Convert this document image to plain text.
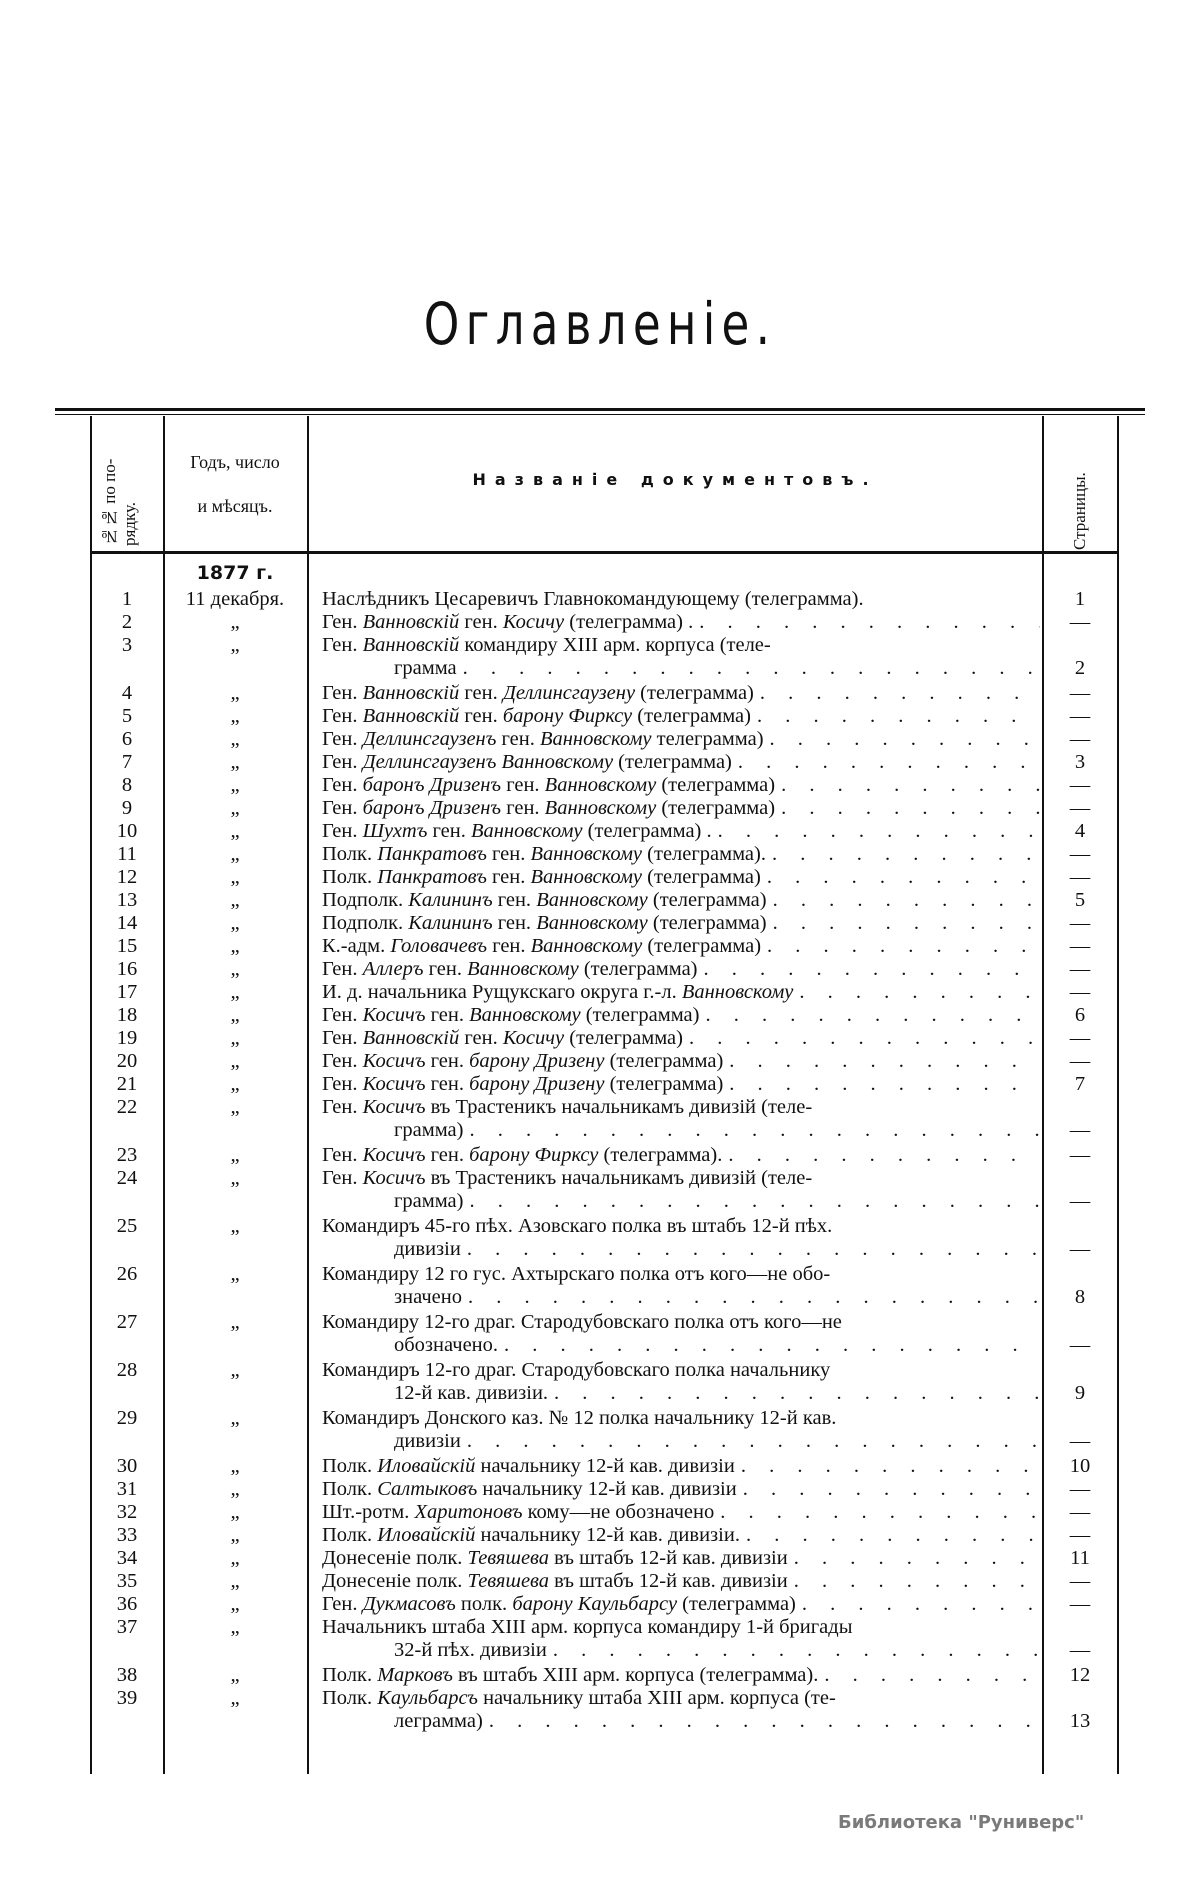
Оглавленіе.
№№ по по-
рядку.
Годъ, число
и мѣсяцъ.
Названіе документовъ.	Страницы.
1877 г.
1	11 декабря.	Наслѣдникъ Цесаревичъ Главнокомандующему (телеграмма).	1
2	„	Ген. Ванновскій ген. Косичу (телеграмма) . . . .	—
3	„	Ген. Ванновскій командиру XIII арм. корпуса (теле-
грамма . . .	2
4	„	Ген. Ванновскій ген. Деллинсгаузену (телеграмма) . . .	—
5	„	Ген. Ванновскій ген. барону Фирксу (телеграмма) . . .	—
6	„	Ген. Деллинсгаузенъ ген. Ванновскому телеграмма) . . .	—
7	„	Ген. Деллинсгаузенъ Ванновскому (телеграмма) . . .	3
8	„	Ген. баронъ Дризенъ ген. Ванновскому (телеграмма) . . .	—
9	„	Ген. баронъ Дризенъ ген. Ванновскому (телеграмма) . . .	—
10	„	Ген. Шухтъ ген. Ванновскому (телеграмма) . . . .	4
11	„	Полк. Панкратовъ ген. Ванновскому (телеграмма). . . .	—
12	„	Полк. Панкратовъ ген. Ванновскому (телеграмма) . . .	—
13	„	Подполк. Калининъ ген. Ванновскому (телеграмма) . . .	5
14	„	Подполк. Калининъ ген. Ванновскому (телеграмма) . . .	—
15	„	К.-адм. Головачевъ ген. Ванновскому (телеграмма) . . .	—
16	„	Ген. Аллеръ ген. Ванновскому (телеграмма) . . .	—
17	„	И. д. начальника Рущукскаго округа г.-л. Ванновскому . . .	—
18	„	Ген. Косичъ ген. Ванновскому (телеграмма) . . .	6
19	„	Ген. Ванновскій ген. Косичу (телеграмма) . . .	—
20	„	Ген. Косичъ ген. барону Дризену (телеграмма) . . .	—
21	„	Ген. Косичъ ген. барону Дризену (телеграмма) . . .	7
22	„	Ген. Косичъ въ Трастеникъ начальникамъ дивизій (теле-
грамма) . . .	—
23	„	Ген. Косичъ ген. барону Фирксу (телеграмма). . . .	—
24	„	Ген. Косичъ въ Трастеникъ начальникамъ дивизій (теле-
грамма) . . .	—
25	„	Командиръ 45-го пѣх. Азовскаго полка въ штабъ 12-й пѣх.
дивизіи . . .	—
26	„	Командиру 12 го гус. Ахтырскаго полка отъ кого—не обо-
значено . . .	8
27	„	Командиру 12-го драг. Стародубовскаго полка отъ кого—не
обозначено. . . .	—
28	„	Командиръ 12-го драг. Стародубовскаго полка начальнику
12-й кав. дивизіи. . . .	9
29	„	Командиръ Донского каз. № 12 полка начальнику 12-й кав.
дивизіи . . .	—
30	„	Полк. Иловайскій начальнику 12-й кав. дивизіи . . .	10
31	„	Полк. Салтыковъ начальнику 12-й кав. дивизіи . . .	—
32	„	Шт.-ротм. Харитоновъ кому—не обозначено . . .	—
33	„	Полк. Иловайскій начальнику 12-й кав. дивизіи. . . .	—
34	„	Донесеніе полк. Тевяшева въ штабъ 12-й кав. дивизіи . . .	11
35	„	Донесеніе полк. Тевяшева въ штабъ 12-й кав. дивизіи . . .	—
36	„	Ген. Дукмасовъ полк. барону Каульбарсу (телеграмма) . . .	—
37	„	Начальникъ штаба XIII арм. корпуса командиру 1-й бригады
32-й пѣх. дивизіи . . .	—
38	„	Полк. Марковъ въ штабъ XIII арм. корпуса (телеграмма). . . .	12
39	„	Полк. Каульбарсъ начальнику штаба XIII арм. корпуса (те-
леграмма) . . .	13
Библиотека "Руниверс"
